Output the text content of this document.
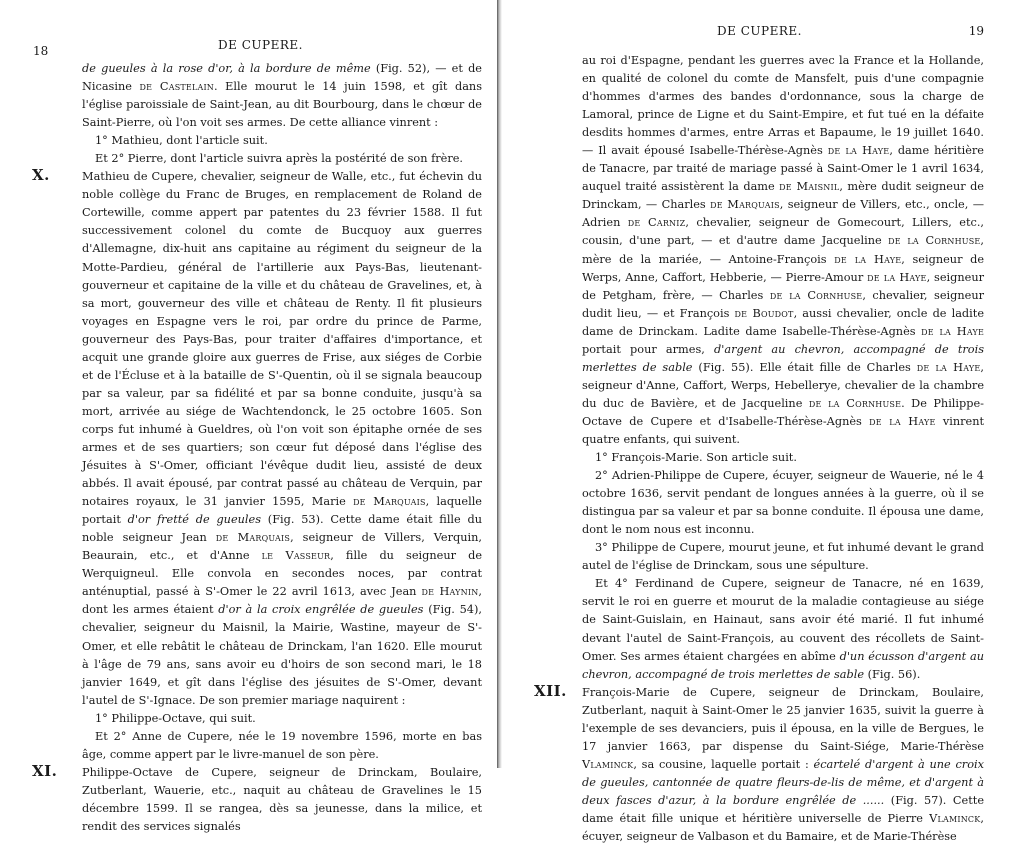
18	DE CUPERE.

de gueules à la rose d'or, à la bordure de même (Fig. 52), — et de Nicasine de Castelain. Elle mourut le 14 juin 1598, et gît dans l'église paroissiale de Saint-Jean, au dit Bourbourg, dans le chœur de Saint-Pierre, où l'on voit ses armes. De cette alliance vinrent :

1° Mathieu, dont l'article suit.

Et 2° Pierre, dont l'article suivra après la postérité de son frère.

X.	Mathieu de Cupere, chevalier, seigneur de Walle, etc., fut échevin du noble collège du Franc de Bruges, en remplacement de Roland de Cortewille, comme appert par patentes du 23 février 1588. Il fut successivement colonel du comte de Bucquoy aux guerres d'Allemagne, dix-huit ans capitaine au régiment du seigneur de la Motte-Pardieu, général de l'artillerie aux Pays-Bas, lieutenant-gouverneur et capitaine de la ville et du château de Gravelines, et, à sa mort, gouverneur des ville et château de Renty. Il fit plusieurs voyages en Espagne vers le roi, par ordre du prince de Parme, gouverneur des Pays-Bas, pour traiter d'affaires d'importance, et acquit une grande gloire aux guerres de Frise, aux siéges de Corbie et de l'Écluse et à la bataille de S'-Quentin, où il se signala beaucoup par sa valeur, par sa fidélité et par sa bonne conduite, jusqu'à sa mort, arrivée au siége de Wachtendonck, le 25 octobre 1605. Son corps fut inhumé à Gueldres, où l'on voit son épitaphe ornée de ses armes et de ses quartiers; son cœur fut déposé dans l'église des Jésuites à S'-Omer, officiant l'évêque dudit lieu, assisté de deux abbés. Il avait épousé, par contrat passé au château de Verquin, par notaires royaux, le 31 janvier 1595, Marie de Marquais, laquelle portait d'or fretté de gueules (Fig. 53). Cette dame était fille du noble seigneur Jean de Marquais, seigneur de Villers, Verquin, Beaurain, etc., et d'Anne le Vasseur, fille du seigneur de Werquigneul. Elle convola en secondes noces, par contrat anténuptial, passé à S'-Omer le 22 avril 1613, avec Jean de Haynin, dont les armes étaient d'or à la croix engrêlée de gueules (Fig. 54), chevalier, seigneur du Maisnil, la Mairie, Wastine, mayeur de S'-Omer, et elle rebâtit le château de Drinckam, l'an 1620. Elle mourut à l'âge de 79 ans, sans avoir eu d'hoirs de son second mari, le 18 janvier 1649, et gît dans l'église des jésuites de S'-Omer, devant l'autel de S'-Ignace. De son premier mariage naquirent :

1° Philippe-Octave, qui suit.

Et 2° Anne de Cupere, née le 19 novembre 1596, morte en bas âge, comme appert par le livre-manuel de son père.

XI. Philippe-Octave de Cupere, seigneur de Drinckam, Boulaire, Zutberlant, Wauerie, etc., naquit au château de Gravelines le 15 décembre 1599. Il se rangea, dès sa jeunesse, dans la milice, et rendit des services signalés

19
DE CUPERE.

au roi d'Espagne, pendant les guerres avec la France et la Hollande, en qualité de colonel du comte de Mansfelt, puis d'une compagnie d'hommes d'armes des bandes d'ordonnance, sous la charge de Lamoral, prince de Ligne et du Saint-Empire, et fut tué en la défaite desdits hommes d'armes, entre Arras et Bapaume, le 19 juillet 1640. — Il avait épousé Isabelle-Thérèse-Agnès de la Haye, dame héritière de Tanacre, par traité de mariage passé à Saint-Omer le 1 avril 1634, auquel traité assistèrent la dame de Maisnil, mère dudit seigneur de Drinckam, — Charles de Marquais, seigneur de Villers, etc., oncle, — Adrien de Carniz, chevalier, seigneur de Gomecourt, Lillers, etc., cousin, d'une part, — et d'autre dame Jacqueline de la Cornhuse, mère de la mariée, — Antoine-François de la Haye, seigneur de Werps, Anne, Caffort, Hebberie, — Pierre-Amour de la Haye, seigneur de Petgham, frère, — Charles de la Cornhuse, chevalier, seigneur dudit lieu, — et François de Boudot, aussi chevalier, oncle de ladite dame de Drinckam. Ladite dame Isabelle-Thérèse-Agnès de la Haye portait pour armes, d'argent au chevron, accompagné de trois merlettes de sable (Fig. 55). Elle était fille de Charles de la Haye, seigneur d'Anne, Caffort, Werps, Hebellerye, chevalier de la chambre du duc de Bavière, et de Jacqueline de la Cornhuse. De Philippe-Octave de Cupere et d'Isabelle-Thérèse-Agnès de la Haye vinrent quatre enfants, qui suivent.

1° François-Marie. Son article suit.

2° Adrien-Philippe de Cupere, écuyer, seigneur de Wauerie, né le 4 octobre 1636, servit pendant de longues années à la guerre, où il se distingua par sa valeur et par sa bonne conduite. Il épousa une dame, dont le nom nous est inconnu.

3° Philippe de Cupere, mourut jeune, et fut inhumé devant le grand autel de l'église de Drinckam, sous une sépulture.

Et 4° Ferdinand de Cupere, seigneur de Tanacre, né en 1639, servit le roi en guerre et mourut de la maladie contagieuse au siége de Saint-Guislain, en Hainaut, sans avoir été marié. Il fut inhumé devant l'autel de Saint-François, au couvent des récollets de Saint-Omer. Ses armes étaient chargées en abîme d'un écusson d'argent au chevron, accompagné de trois merlettes de sable (Fig. 56).

XII. François-Marie de Cupere, seigneur de Drinckam, Boulaire, Zutberlant, naquit à Saint-Omer le 25 janvier 1635, suivit la guerre à l'exemple de ses devanciers, puis il épousa, en la ville de Bergues, le 17 janvier 1663, par dispense du Saint-Siége, Marie-Thérèse Vlaminck, sa cousine, laquelle portait : écartelé d'argent à une croix de gueules, cantonnée de quatre fleurs-de-lis de même, et d'argent à deux fasces d'azur, à la bordure engrêlée de ...... (Fig. 57). Cette dame était fille unique et héritière universelle de Pierre Vlaminck, écuyer, seigneur de Valbason et du Bamaire, et de Marie-Thérèse
